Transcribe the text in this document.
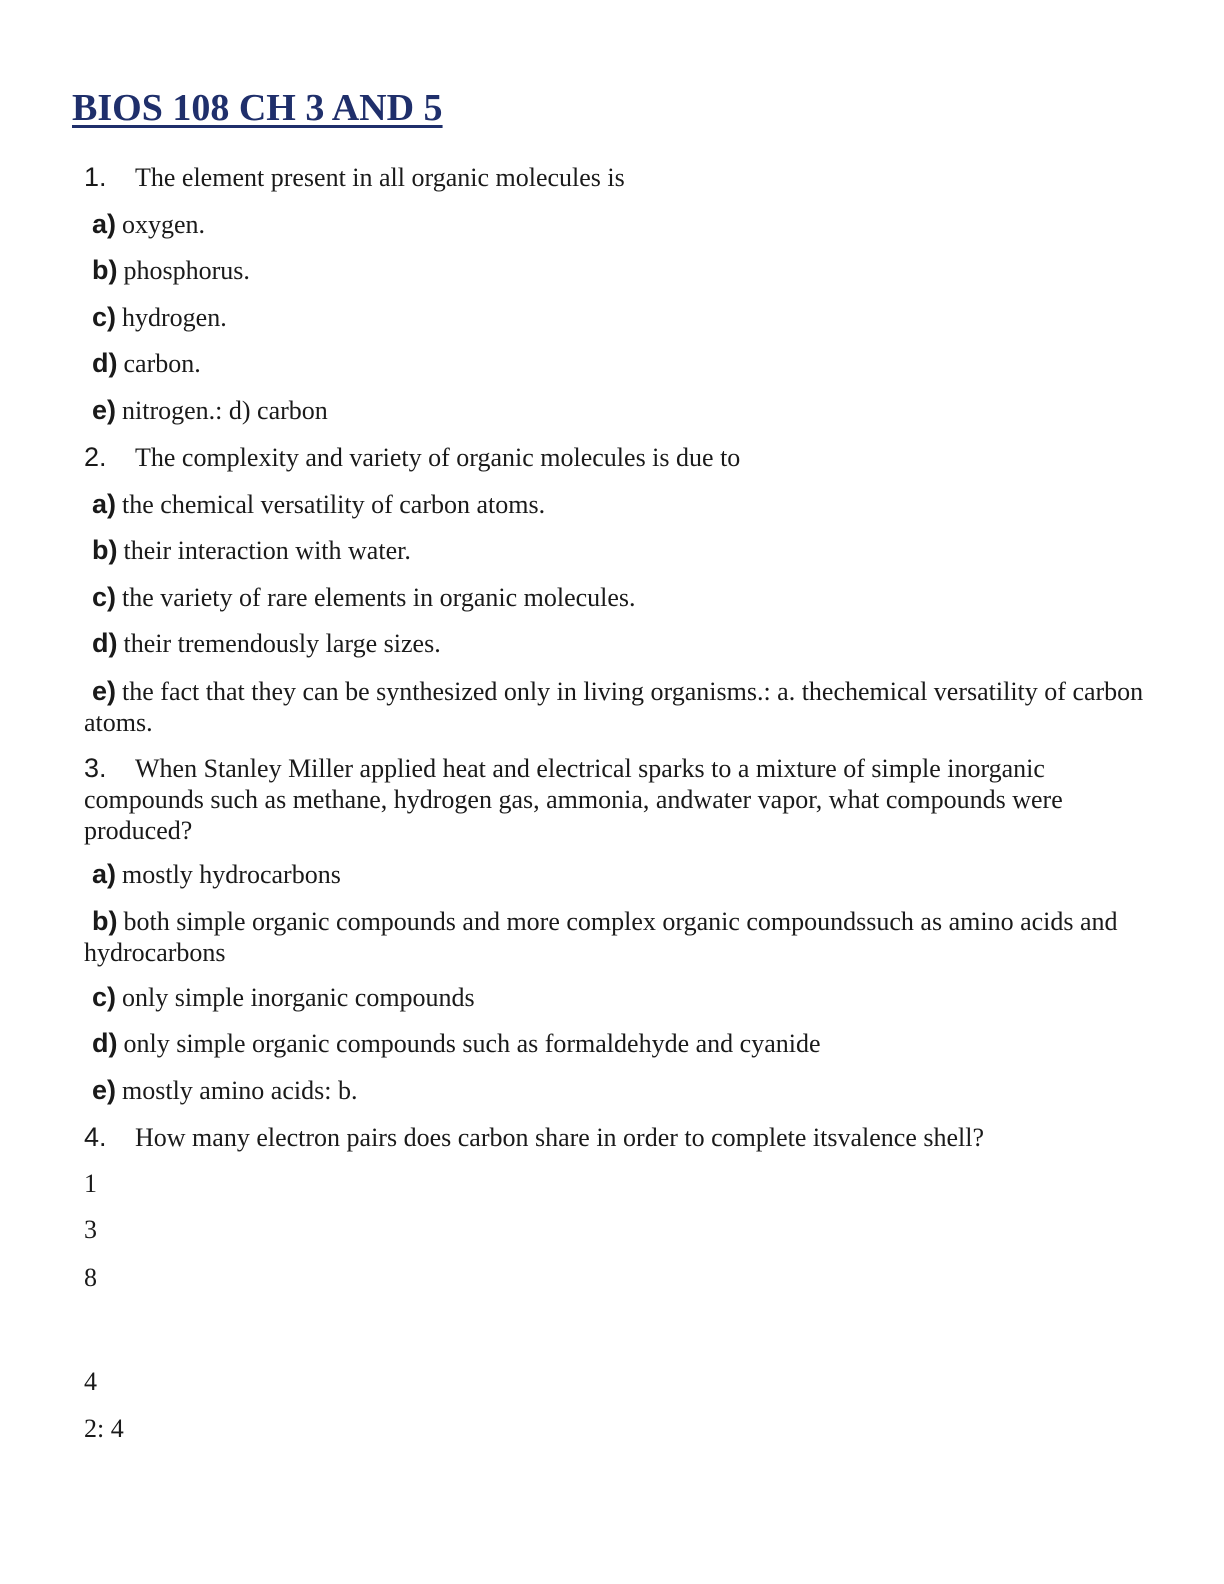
BIOS 108 CH 3 AND 5
1. The element present in all organic molecules is
a) oxygen.
b) phosphorus.
c) hydrogen.
d) carbon.
e) nitrogen.: d) carbon
2. The complexity and variety of organic molecules is due to
a) the chemical versatility of carbon atoms.
b) their interaction with water.
c) the variety of rare elements in organic molecules.
d) their tremendously large sizes.
e) the fact that they can be synthesized only in living organisms.: a. thechemical versatility of carbon atoms.
3. When Stanley Miller applied heat and electrical sparks to a mixture of simple inorganic compounds such as methane, hydrogen gas, ammonia, andwater vapor, what compounds were produced?
a) mostly hydrocarbons
b) both simple organic compounds and more complex organic compoundssuch as amino acids and hydrocarbons
c) only simple inorganic compounds
d) only simple organic compounds such as formaldehyde and cyanide
e) mostly amino acids: b.
4. How many electron pairs does carbon share in order to complete itsvalence shell?
1
3
8
4
2: 4
